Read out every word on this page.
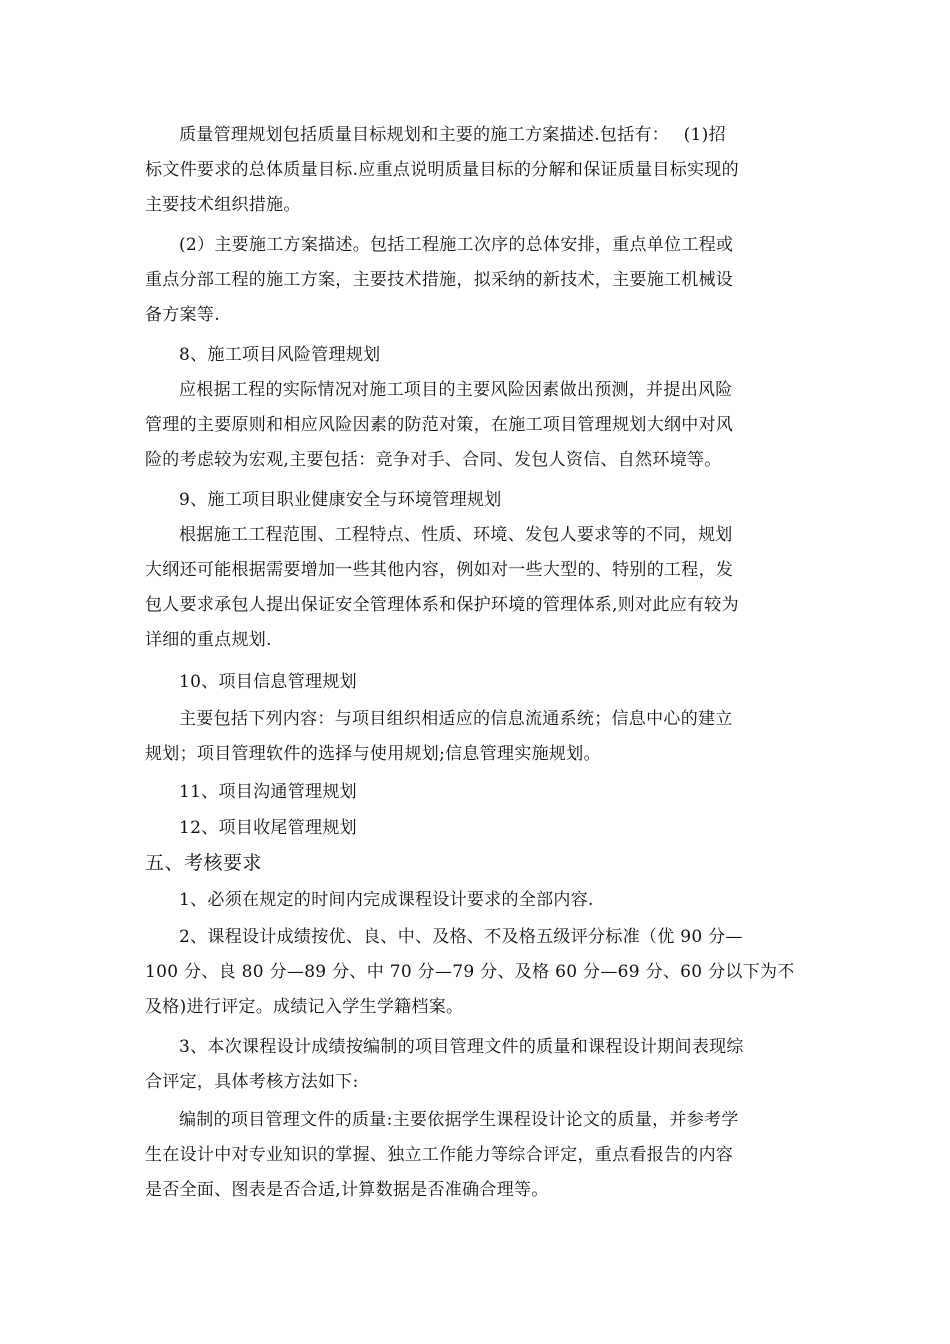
质量管理规划包括质量目标规划和主要的施工方案描述.包括有：　 (1)招
标文件要求的总体质量目标.应重点说明质量目标的分解和保证质量目标实现的
主要技术组织措施。
(2）主要施工方案描述。包括工程施工次序的总体安排，重点单位工程或
重点分部工程的施工方案，主要技术措施，拟采纳的新技术，主要施工机械设
备方案等.
8、施工项目风险管理规划
应根据工程的实际情况对施工项目的主要风险因素做出预测，并提出风险
管理的主要原则和相应风险因素的防范对策，在施工项目管理规划大纲中对风
险的考虑较为宏观,主要包括：竞争对手、合同、发包人资信、自然环境等。
9、施工项目职业健康安全与环境管理规划
根据施工工程范围、工程特点、性质、环境、发包人要求等的不同，规划
大纲还可能根据需要增加一些其他内容，例如对一些大型的、特别的工程，发
包人要求承包人提出保证安全管理体系和保护环境的管理体系,则对此应有较为
详细的重点规划.
10、项目信息管理规划
主要包括下列内容：与项目组织相适应的信息流通系统；信息中心的建立
规划；项目管理软件的选择与使用规划;信息管理实施规划。
11、项目沟通管理规划
12、项目收尾管理规划
五、考核要求
1、必须在规定的时间内完成课程设计要求的全部内容.
2、课程设计成绩按优、良、中、及格、不及格五级评分标准（优 90 分—
100 分、良 80 分—89 分、中 70 分—79 分、及格 60 分—69 分、60 分以下为不
及格)进行评定。成绩记入学生学籍档案。
3、本次课程设计成绩按编制的项目管理文件的质量和课程设计期间表现综
合评定，具体考核方法如下:
编制的项目管理文件的质量:主要依据学生课程设计论文的质量，并参考学
生在设计中对专业知识的掌握、独立工作能力等综合评定，重点看报告的内容
是否全面、图表是否合适,计算数据是否准确合理等。
